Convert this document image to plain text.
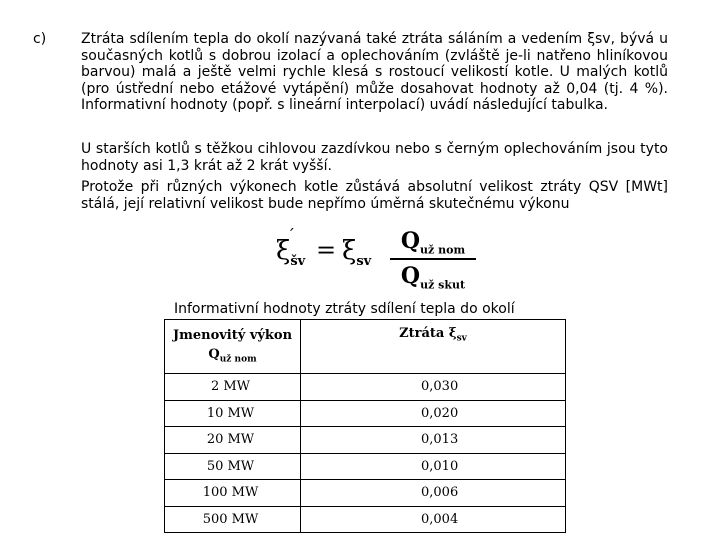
c) Ztráta sdílením tepla do okolí nazývaná také ztráta sáláním a vedením ξsv, bývá u současných kotlů s dobrou izolací a oplechováním (zvláště je-li natřeno hliníkovou barvou) malá a ještě velmi rychle klesá s rostoucí velikostí kotle. U malých kotlů (pro ústřední nebo etážové vytápění) může dosahovat hodnoty až 0,04 (tj. 4 %). Informativní hodnoty (popř. s lineární interpolací) uvádí následující tabulka.
U starších kotlů s těžkou cihlovou zazdívkou nebo s černým oplechováním jsou tyto hodnoty asi 1,3 krát až 2 krát vyšší.
Protože při různých výkonech kotle zůstává absolutní velikost ztráty QSV [MWt] stálá, její relativní velikost bude nepřímo úměrná skutečnému výkonu
´
$\xi_{šv} = \xi_{sv}$
$Q_{už nom}$
$Q_{už skut}$
Informativní hodnoty ztráty sdílení tepla do okolí
Jmenovitý výkon
$Q_{už nom}$	Ztráta $\xi_{sv}$
2 MW	0,030
10 MW	0,020
20 MW	0,013
50 MW	0,010
100 MW	0,006
500 MW	0,004
